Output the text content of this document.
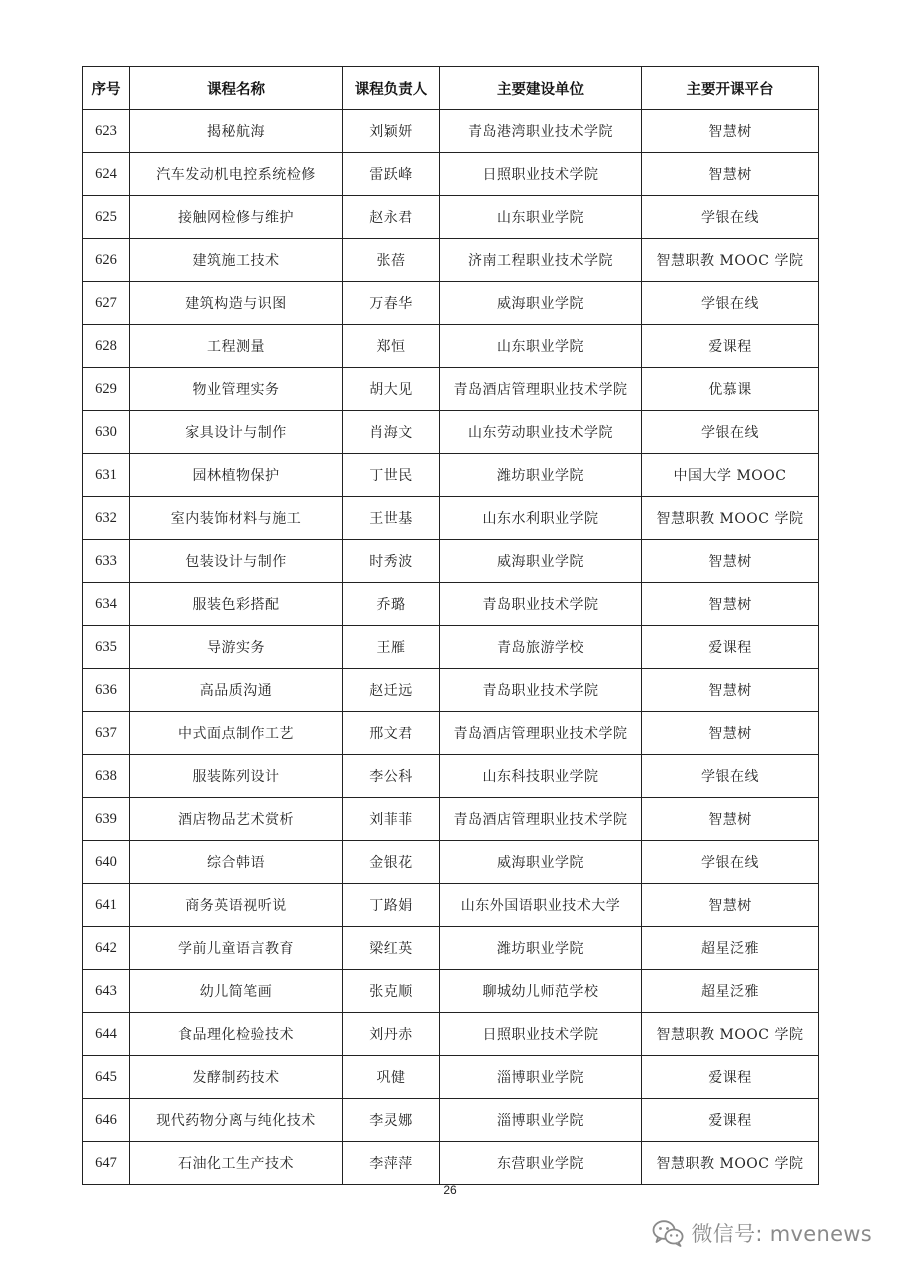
序号	课程名称	课程负责人	主要建设单位	主要开课平台
623	揭秘航海	刘颖妍	青岛港湾职业技术学院	智慧树
624	汽车发动机电控系统检修	雷跃峰	日照职业技术学院	智慧树
625	接触网检修与维护	赵永君	山东职业学院	学银在线
626	建筑施工技术	张蓓	济南工程职业技术学院	智慧职教 MOOC 学院
627	建筑构造与识图	万春华	威海职业学院	学银在线
628	工程测量	郑恒	山东职业学院	爱课程
629	物业管理实务	胡大见	青岛酒店管理职业技术学院	优慕课
630	家具设计与制作	肖海文	山东劳动职业技术学院	学银在线
631	园林植物保护	丁世民	潍坊职业学院	中国大学 MOOC
632	室内装饰材料与施工	王世基	山东水利职业学院	智慧职教 MOOC 学院
633	包装设计与制作	时秀波	威海职业学院	智慧树
634	服装色彩搭配	乔璐	青岛职业技术学院	智慧树
635	导游实务	王雁	青岛旅游学校	爱课程
636	高品质沟通	赵迁远	青岛职业技术学院	智慧树
637	中式面点制作工艺	邢文君	青岛酒店管理职业技术学院	智慧树
638	服装陈列设计	李公科	山东科技职业学院	学银在线
639	酒店物品艺术赏析	刘菲菲	青岛酒店管理职业技术学院	智慧树
640	综合韩语	金银花	威海职业学院	学银在线
641	商务英语视听说	丁路娟	山东外国语职业技术大学	智慧树
642	学前儿童语言教育	梁红英	潍坊职业学院	超星泛雅
643	幼儿简笔画	张克顺	聊城幼儿师范学校	超星泛雅
644	食品理化检验技术	刘丹赤	日照职业技术学院	智慧职教 MOOC 学院
645	发酵制药技术	巩健	淄博职业学院	爱课程
646	现代药物分离与纯化技术	李灵娜	淄博职业学院	爱课程
647	石油化工生产技术	李萍萍	东营职业学院	智慧职教 MOOC 学院
26
微信号: mvenews
